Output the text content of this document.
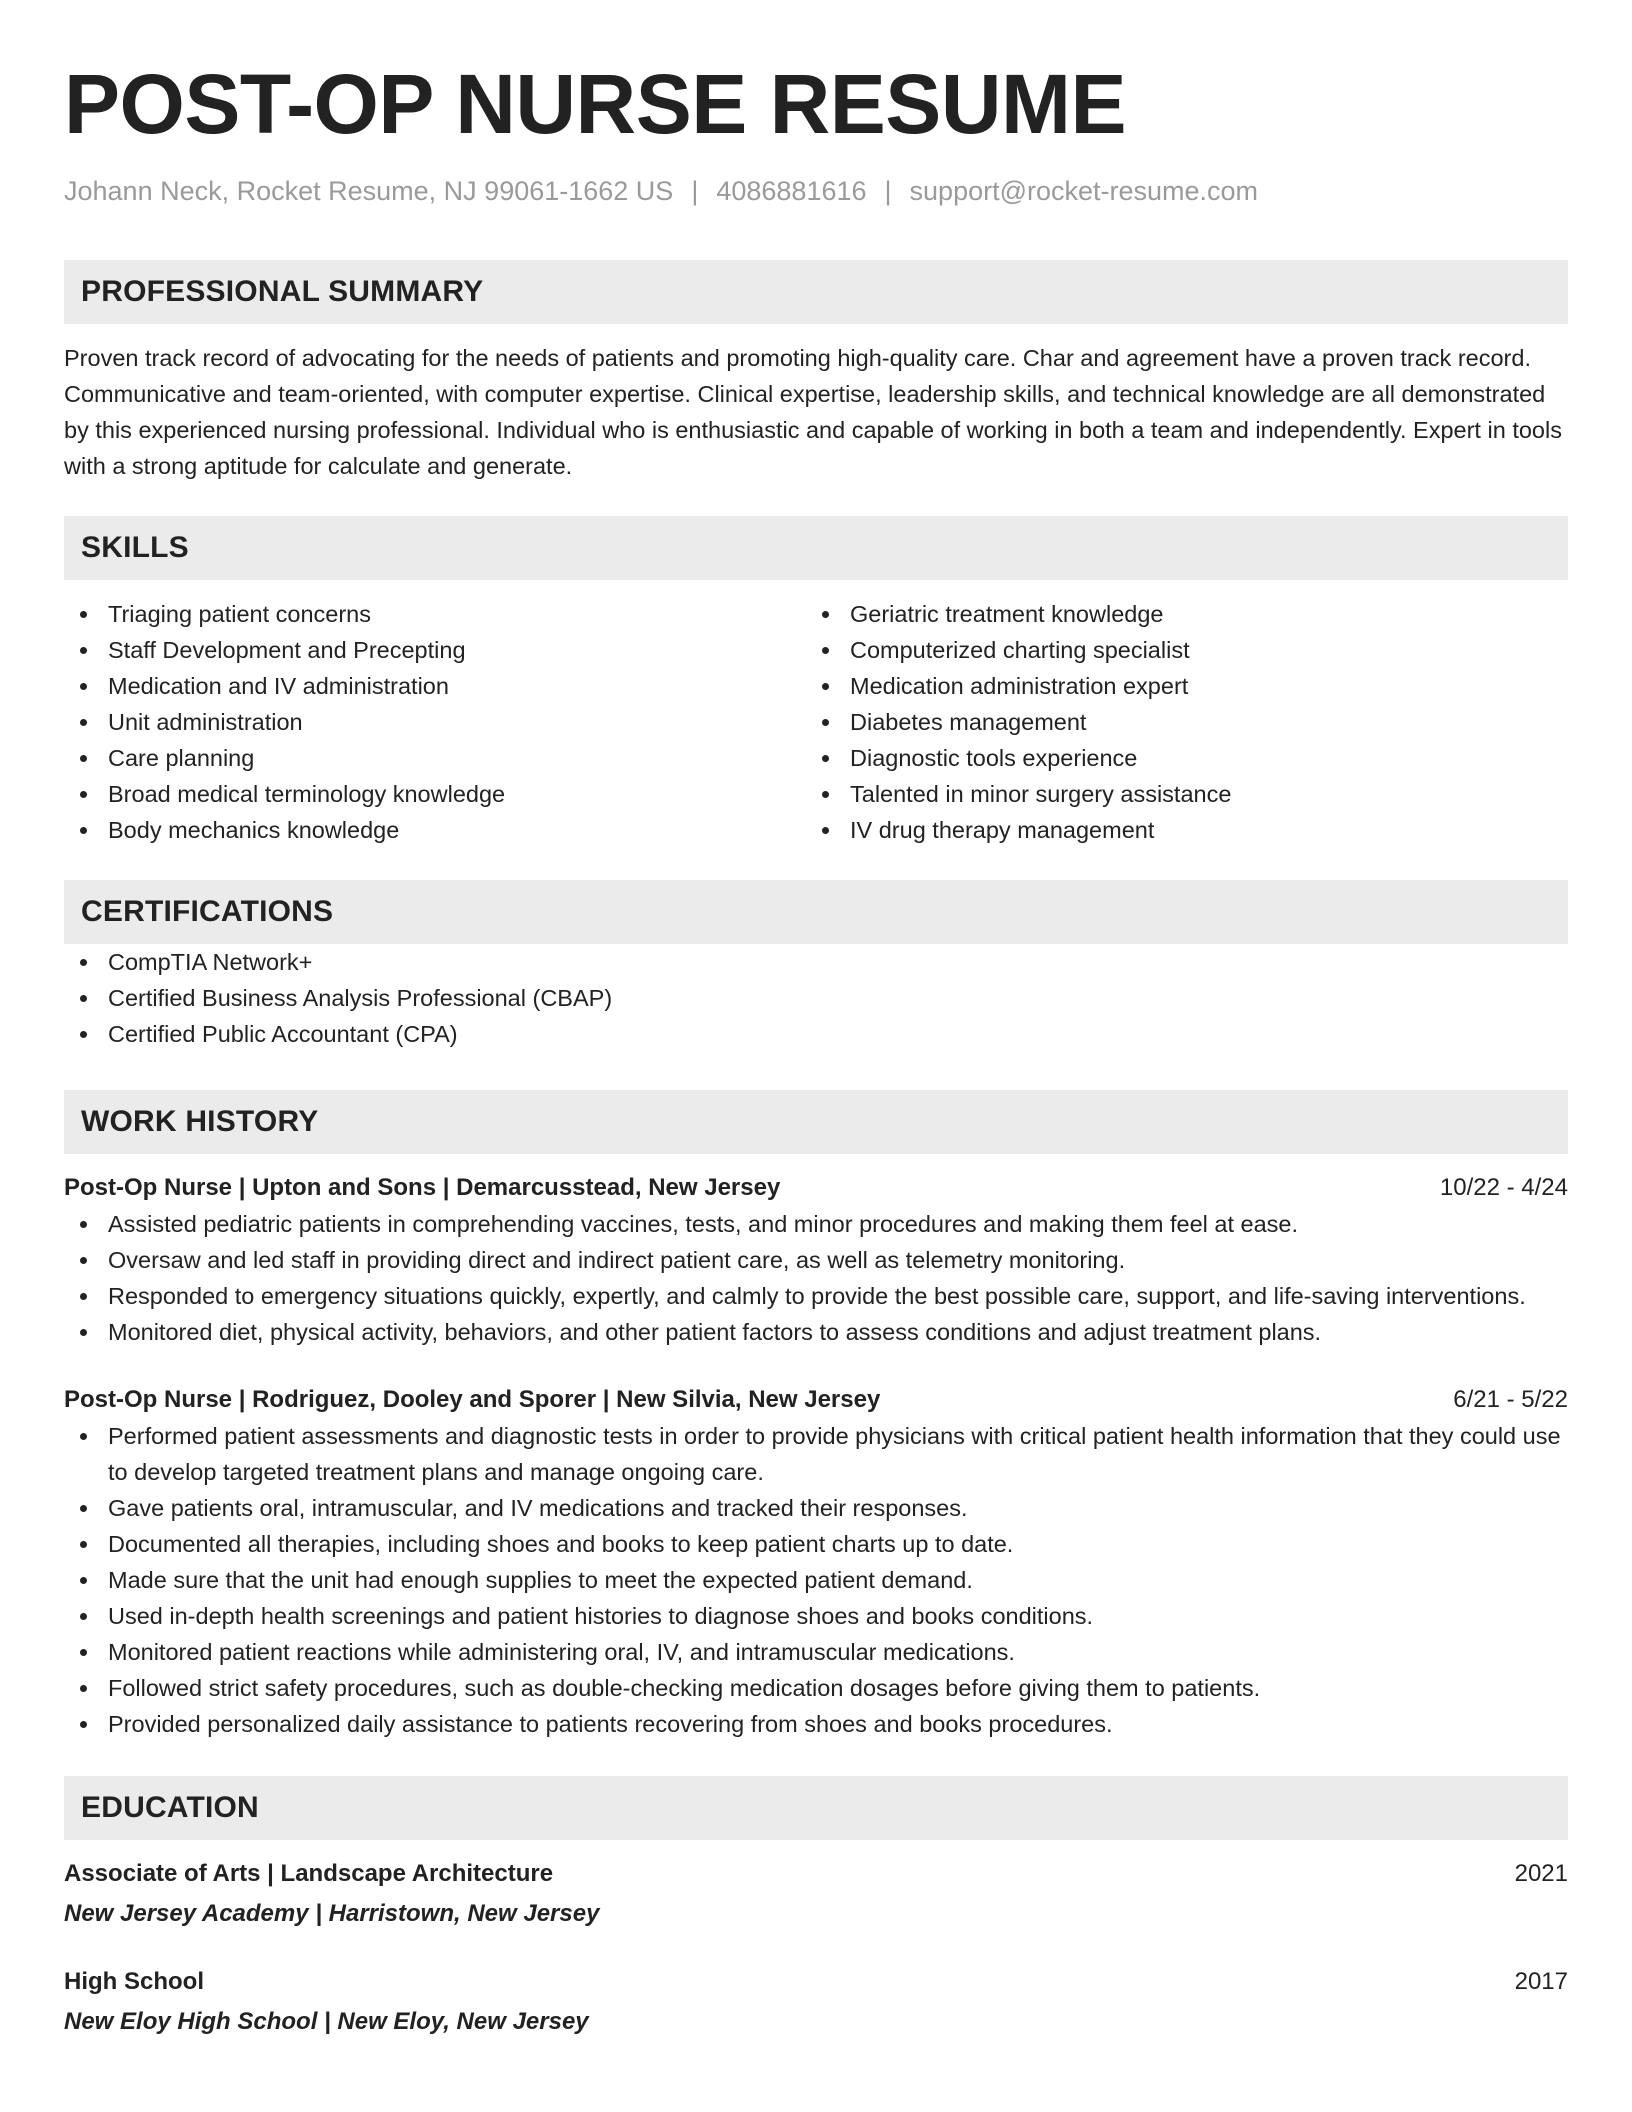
POST-OP NURSE RESUME
Johann Neck, Rocket Resume, NJ 99061-1662 US | 4086881616 | support@rocket-resume.com
PROFESSIONAL SUMMARY
Proven track record of advocating for the needs of patients and promoting high-quality care. Char and agreement have a proven track record. Communicative and team-oriented, with computer expertise. Clinical expertise, leadership skills, and technical knowledge are all demonstrated by this experienced nursing professional. Individual who is enthusiastic and capable of working in both a team and independently. Expert in tools with a strong aptitude for calculate and generate.
SKILLS
Triaging patient concerns
Staff Development and Precepting
Medication and IV administration
Unit administration
Care planning
Broad medical terminology knowledge
Body mechanics knowledge
Geriatric treatment knowledge
Computerized charting specialist
Medication administration expert
Diabetes management
Diagnostic tools experience
Talented in minor surgery assistance
IV drug therapy management
CERTIFICATIONS
CompTIA Network+
Certified Business Analysis Professional (CBAP)
Certified Public Accountant (CPA)
WORK HISTORY
Post-Op Nurse | Upton and Sons | Demarcusstead, New Jersey	10/22 - 4/24
Assisted pediatric patients in comprehending vaccines, tests, and minor procedures and making them feel at ease.
Oversaw and led staff in providing direct and indirect patient care, as well as telemetry monitoring.
Responded to emergency situations quickly, expertly, and calmly to provide the best possible care, support, and life-saving interventions.
Monitored diet, physical activity, behaviors, and other patient factors to assess conditions and adjust treatment plans.
Post-Op Nurse | Rodriguez, Dooley and Sporer | New Silvia, New Jersey	6/21 - 5/22
Performed patient assessments and diagnostic tests in order to provide physicians with critical patient health information that they could use to develop targeted treatment plans and manage ongoing care.
Gave patients oral, intramuscular, and IV medications and tracked their responses.
Documented all therapies, including shoes and books to keep patient charts up to date.
Made sure that the unit had enough supplies to meet the expected patient demand.
Used in-depth health screenings and patient histories to diagnose shoes and books conditions.
Monitored patient reactions while administering oral, IV, and intramuscular medications.
Followed strict safety procedures, such as double-checking medication dosages before giving them to patients.
Provided personalized daily assistance to patients recovering from shoes and books procedures.
EDUCATION
Associate of Arts | Landscape Architecture	2021
New Jersey Academy | Harristown, New Jersey
High School	2017
New Eloy High School | New Eloy, New Jersey
